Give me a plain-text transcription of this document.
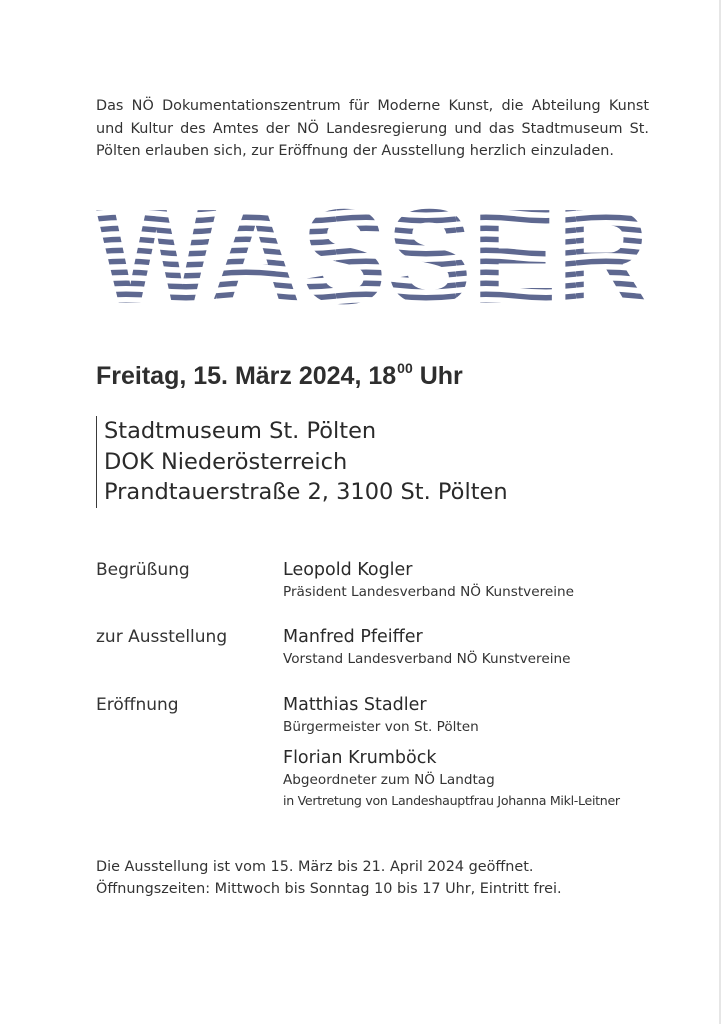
Das NÖ Dokumentationszentrum für Moderne Kunst, die Abteilung Kunst und Kultur des Amtes der NÖ Landesregierung und das Stadtmuseum St. Pölten erlauben sich, zur Eröffnung der Ausstellung herzlich einzuladen.

WASSER
Freitag, 15. März 2024, $18^{00}$ Uhr
Stadtmuseum St. Pölten
DOK Niederösterreich
Prandtauerstraße 2, 3100 St. Pölten
Begrüßung	Leopold Kogler
Präsident Landesverband NÖ Kunstvereine
zur Ausstellung	Manfred Pfeiffer
Vorstand Landesverband NÖ Kunstvereine
Eröffnung	Matthias Stadler
Bürgermeister von St. Pölten
Florian Krumböck
Abgeordneter zum NÖ Landtag
in Vertretung von Landeshauptfrau Johanna Mikl-Leitner
Die Ausstellung ist vom 15. März bis 21. April 2024 geöffnet.
Öffnungszeiten: Mittwoch bis Sonntag 10 bis 17 Uhr, Eintritt frei.
